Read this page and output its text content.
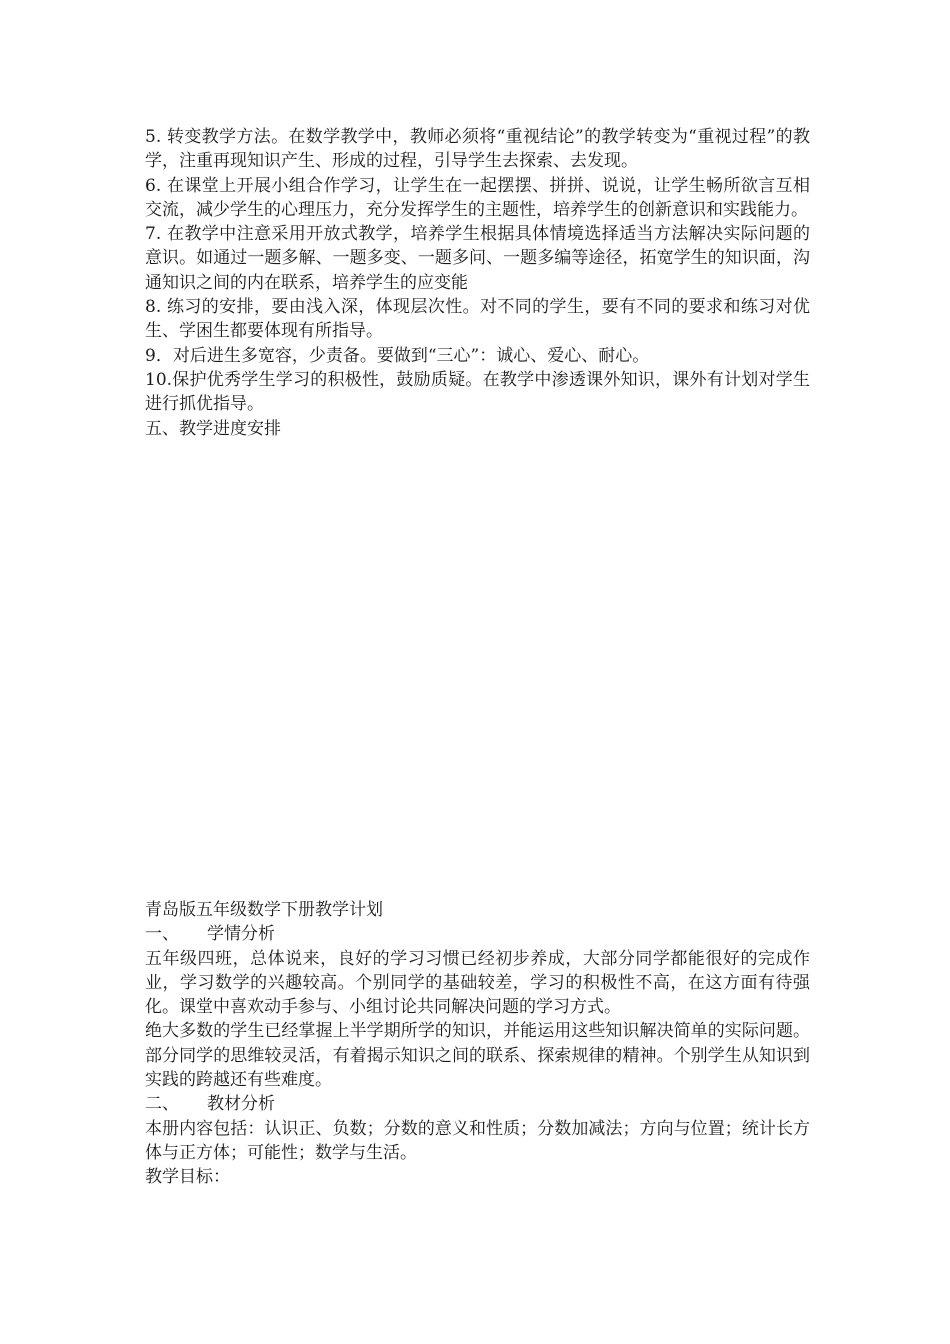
5. 转变教学方法。在数学教学中，教师必须将“重视结论”的教学转变为“重视过程”的教学，注重再现知识产生、形成的过程，引导学生去探索、去发现。

6. 在课堂上开展小组合作学习，让学生在一起摆摆、拼拼、说说，让学生畅所欲言互相交流，减少学生的心理压力，充分发挥学生的主题性，培养学生的创新意识和实践能力。

7. 在教学中注意采用开放式教学，培养学生根据具体情境选择适当方法解决实际问题的意识。如通过一题多解、一题多变、一题多问、一题多编等途径，拓宽学生的知识面，沟通知识之间的内在联系，培养学生的应变能

8. 练习的安排，要由浅入深，体现层次性。对不同的学生，要有不同的要求和练习对优生、学困生都要体现有所指导。

9．对后进生多宽容，少责备。要做到“三心”：诚心、爱心、耐心。

10.保护优秀学生学习的积极性，鼓励质疑。在教学中渗透课外知识，课外有计划对学生进行抓优指导。

五、教学进度安排

青岛版五年级数学下册教学计划

一、	学情分析

五年级四班，总体说来，良好的学习习惯已经初步养成，大部分同学都能很好的完成作业，学习数学的兴趣较高。个别同学的基础较差，学习的积极性不高，在这方面有待强化。课堂中喜欢动手参与、小组讨论共同解决问题的学习方式。

绝大多数的学生已经掌握上半学期所学的知识，并能运用这些知识解决简单的实际问题。部分同学的思维较灵活，有着揭示知识之间的联系、探索规律的精神。个别学生从知识到实践的跨越还有些难度。

二、	教材分析

本册内容包括：认识正、负数；分数的意义和性质；分数加减法；方向与位置；统计长方体与正方体；可能性；数学与生活。

教学目标：
